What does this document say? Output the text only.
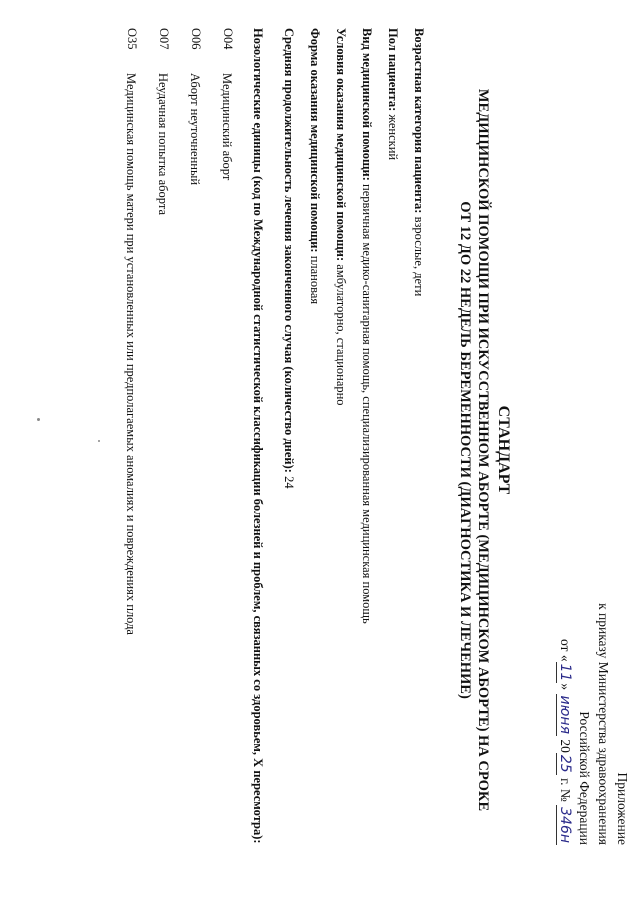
Приложение
к приказу Министерства здравоохранения
Российской Федерации
от «11» июня 2025 г. № 346н
СТАНДАРТ
МЕДИЦИНСКОЙ ПОМОЩИ ПРИ ИСКУССТВЕННОМ АБОРТЕ (МЕДИЦИНСКОМ АБОРТЕ) НА СРОКЕ
ОТ 12 ДО 22 НЕДЕЛЬ БЕРЕМЕННОСТИ (ДИАГНОСТИКА И ЛЕЧЕНИЕ)
Возрастная категория пациента: взрослые, дети
Пол пациента: женский
Вид медицинской помощи: первичная медико-санитарная помощь, специализированная медицинская помощь
Условия оказания медицинской помощи: амбулаторно, стационарно
Форма оказания медицинской помощи: плановая
Средняя продолжительность лечения законченного случая (количество дней): 24
Нозологические единицы (код по Международной статистической классификации болезней и проблем, связанных со здоровьем, X пересмотра):
O04
Медицинский аборт
O06
Аборт неуточненный
O07
Неудачная попытка аборта
O35
Медицинская помощь матери при установленных или предполагаемых аномалиях и повреждениях плода
